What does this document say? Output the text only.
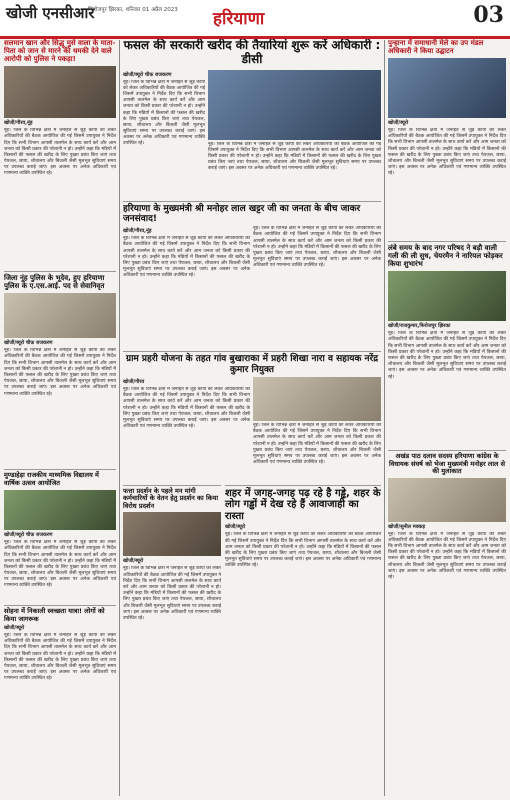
खोजी एनसीआर
फिरोजपुर झिरका, शनिवार 01 अप्रैल 2023 हरियाणा	03
सलमान खान और सिद्धू मुसे वाला के माता-पिता को जान से मारने की धमकी देने वाले आरोपी को पुलिस ने पकड़ा!
खोजी/गौरव,नूंह
नूंह। जिले के विभिन्न क्षेत्रों में जनहित से जुड़े कार्यों को लेकर अधिकारियों की बैठक आयोजित की गई जिसमें उपायुक्त ने निर्देश दिए कि सभी विभाग आपसी तालमेल के साथ कार्य करें और आम जनता को किसी प्रकार की परेशानी न हो। उन्होंने कहा कि मंडियों में किसानों की फसल की खरीद के लिए पुख्ता प्रबंध किए जाएं तथा पेयजल, छाया, शौचालय और बिजली जैसी मूलभूत सुविधाएं समय पर उपलब्ध कराई जाएं। इस अवसर पर अनेक अधिकारी एवं गणमान्य व्यक्ति उपस्थित रहे।
जिला नूंह पुलिस के भूदेव, हुए हरियाणा पुलिस के ए.एस.आई. पद से सेवानिवृत
खोजी/ब्यूरो चीफ़ राजकरण
नूंह। जिले के विभिन्न क्षेत्रों में जनहित से जुड़े कार्यों को लेकर अधिकारियों की बैठक आयोजित की गई जिसमें उपायुक्त ने निर्देश दिए कि सभी विभाग आपसी तालमेल के साथ कार्य करें और आम जनता को किसी प्रकार की परेशानी न हो। उन्होंने कहा कि मंडियों में किसानों की फसल की खरीद के लिए पुख्ता प्रबंध किए जाएं तथा पेयजल, छाया, शौचालय और बिजली जैसी मूलभूत सुविधाएं समय पर उपलब्ध कराई जाएं। इस अवसर पर अनेक अधिकारी एवं गणमान्य व्यक्ति उपस्थित रहे।
मुण्डाहेड़ा राजकीय माध्यमिक विद्यालय में वार्षिक उत्सव आयोजित
खोजी/ब्यूरो चीफ़ राजकरण
नूंह। जिले के विभिन्न क्षेत्रों में जनहित से जुड़े कार्यों को लेकर अधिकारियों की बैठक आयोजित की गई जिसमें उपायुक्त ने निर्देश दिए कि सभी विभाग आपसी तालमेल के साथ कार्य करें और आम जनता को किसी प्रकार की परेशानी न हो। उन्होंने कहा कि मंडियों में किसानों की फसल की खरीद के लिए पुख्ता प्रबंध किए जाएं तथा पेयजल, छाया, शौचालय और बिजली जैसी मूलभूत सुविधाएं समय पर उपलब्ध कराई जाएं। इस अवसर पर अनेक अधिकारी एवं गणमान्य व्यक्ति उपस्थित रहे।
सोहना में निकाली स्वच्छता यात्रा! लोगों को किया जागरूक
खोजी/ब्यूरो
नूंह। जिले के विभिन्न क्षेत्रों में जनहित से जुड़े कार्यों को लेकर अधिकारियों की बैठक आयोजित की गई जिसमें उपायुक्त ने निर्देश दिए कि सभी विभाग आपसी तालमेल के साथ कार्य करें और आम जनता को किसी प्रकार की परेशानी न हो। उन्होंने कहा कि मंडियों में किसानों की फसल की खरीद के लिए पुख्ता प्रबंध किए जाएं तथा पेयजल, छाया, शौचालय और बिजली जैसी मूलभूत सुविधाएं समय पर उपलब्ध कराई जाएं। इस अवसर पर अनेक अधिकारी एवं गणमान्य व्यक्ति उपस्थित रहे।
फसल की सरकारी खरीद की तैयारियां शुरू करें अधिकारी : डीसी
खोजी/ब्यूरो चीफ़ राजकरण
नूंह। जिले के विभिन्न क्षेत्रों में जनहित से जुड़े कार्यों को लेकर अधिकारियों की बैठक आयोजित की गई जिसमें उपायुक्त ने निर्देश दिए कि सभी विभाग आपसी तालमेल के साथ कार्य करें और आम जनता को किसी प्रकार की परेशानी न हो। उन्होंने कहा कि मंडियों में किसानों की फसल की खरीद के लिए पुख्ता प्रबंध किए जाएं तथा पेयजल, छाया, शौचालय और बिजली जैसी मूलभूत सुविधाएं समय पर उपलब्ध कराई जाएं। इस अवसर पर अनेक अधिकारी एवं गणमान्य व्यक्ति उपस्थित रहे।	नूंह। जिले के विभिन्न क्षेत्रों में जनहित से जुड़े कार्यों को लेकर अधिकारियों की बैठक आयोजित की गई जिसमें उपायुक्त ने निर्देश दिए कि सभी विभाग आपसी तालमेल के साथ कार्य करें और आम जनता को किसी प्रकार की परेशानी न हो। उन्होंने कहा कि मंडियों में किसानों की फसल की खरीद के लिए पुख्ता प्रबंध किए जाएं तथा पेयजल, छाया, शौचालय और बिजली जैसी मूलभूत सुविधाएं समय पर उपलब्ध कराई जाएं। इस अवसर पर अनेक अधिकारी एवं गणमान्य व्यक्ति उपस्थित रहे।
हरियाणा के मुख्यमंत्री श्री मनोहर लाल खट्टर जी का जनता के बीच जाकर जनसंवाद!
खोजी/गौरव,नूंह
नूंह। जिले के विभिन्न क्षेत्रों में जनहित से जुड़े कार्यों को लेकर अधिकारियों की बैठक आयोजित की गई जिसमें उपायुक्त ने निर्देश दिए कि सभी विभाग आपसी तालमेल के साथ कार्य करें और आम जनता को किसी प्रकार की परेशानी न हो। उन्होंने कहा कि मंडियों में किसानों की फसल की खरीद के लिए पुख्ता प्रबंध किए जाएं तथा पेयजल, छाया, शौचालय और बिजली जैसी मूलभूत सुविधाएं समय पर उपलब्ध कराई जाएं। इस अवसर पर अनेक अधिकारी एवं गणमान्य व्यक्ति उपस्थित रहे।
नूंह। जिले के विभिन्न क्षेत्रों में जनहित से जुड़े कार्यों को लेकर अधिकारियों की बैठक आयोजित की गई जिसमें उपायुक्त ने निर्देश दिए कि सभी विभाग आपसी तालमेल के साथ कार्य करें और आम जनता को किसी प्रकार की परेशानी न हो। उन्होंने कहा कि मंडियों में किसानों की फसल की खरीद के लिए पुख्ता प्रबंध किए जाएं तथा पेयजल, छाया, शौचालय और बिजली जैसी मूलभूत सुविधाएं समय पर उपलब्ध कराई जाएं। इस अवसर पर अनेक अधिकारी एवं गणमान्य व्यक्ति उपस्थित रहे।
ग्राम प्रहरी योजना के तहत गांव बुखाराका में प्रहरी शिखा नारा व सहायक नरेंद्र कुमार नियुक्त
खोजी/गौरव
नूंह। जिले के विभिन्न क्षेत्रों में जनहित से जुड़े कार्यों को लेकर अधिकारियों की बैठक आयोजित की गई जिसमें उपायुक्त ने निर्देश दिए कि सभी विभाग आपसी तालमेल के साथ कार्य करें और आम जनता को किसी प्रकार की परेशानी न हो। उन्होंने कहा कि मंडियों में किसानों की फसल की खरीद के लिए पुख्ता प्रबंध किए जाएं तथा पेयजल, छाया, शौचालय और बिजली जैसी मूलभूत सुविधाएं समय पर उपलब्ध कराई जाएं। इस अवसर पर अनेक अधिकारी एवं गणमान्य व्यक्ति उपस्थित रहे।	नूंह। जिले के विभिन्न क्षेत्रों में जनहित से जुड़े कार्यों को लेकर अधिकारियों की बैठक आयोजित की गई जिसमें उपायुक्त ने निर्देश दिए कि सभी विभाग आपसी तालमेल के साथ कार्य करें और आम जनता को किसी प्रकार की परेशानी न हो। उन्होंने कहा कि मंडियों में किसानों की फसल की खरीद के लिए पुख्ता प्रबंध किए जाएं तथा पेयजल, छाया, शौचालय और बिजली जैसी मूलभूत सुविधाएं समय पर उपलब्ध कराई जाएं। इस अवसर पर अनेक अधिकारी एवं गणमान्य व्यक्ति उपस्थित रहे।
फत्ता प्रदर्शन के पहले मन मांगी कर्मचारियों के वेतन हेतु प्रदर्शन का किया विरोध प्रदर्शन
खोजी/ब्यूरो
नूंह। जिले के विभिन्न क्षेत्रों में जनहित से जुड़े कार्यों को लेकर अधिकारियों की बैठक आयोजित की गई जिसमें उपायुक्त ने निर्देश दिए कि सभी विभाग आपसी तालमेल के साथ कार्य करें और आम जनता को किसी प्रकार की परेशानी न हो। उन्होंने कहा कि मंडियों में किसानों की फसल की खरीद के लिए पुख्ता प्रबंध किए जाएं तथा पेयजल, छाया, शौचालय और बिजली जैसी मूलभूत सुविधाएं समय पर उपलब्ध कराई जाएं। इस अवसर पर अनेक अधिकारी एवं गणमान्य व्यक्ति उपस्थित रहे।
शहर में जगह-जगह पढ़ रहे है गड्ढे, शहर के लोग गड्ढों में देख रहे हैं आवाजाही का रास्ता
खोजी/ब्यूरो
नूंह। जिले के विभिन्न क्षेत्रों में जनहित से जुड़े कार्यों को लेकर अधिकारियों की बैठक आयोजित की गई जिसमें उपायुक्त ने निर्देश दिए कि सभी विभाग आपसी तालमेल के साथ कार्य करें और आम जनता को किसी प्रकार की परेशानी न हो। उन्होंने कहा कि मंडियों में किसानों की फसल की खरीद के लिए पुख्ता प्रबंध किए जाएं तथा पेयजल, छाया, शौचालय और बिजली जैसी मूलभूत सुविधाएं समय पर उपलब्ध कराई जाएं। इस अवसर पर अनेक अधिकारी एवं गणमान्य व्यक्ति उपस्थित रहे।
पुन्हाना में समाधानी मेले का उप मंडल अधिकारी ने किया उद्घाटन
खोजी/ब्यूरो
नूंह। जिले के विभिन्न क्षेत्रों में जनहित से जुड़े कार्यों को लेकर अधिकारियों की बैठक आयोजित की गई जिसमें उपायुक्त ने निर्देश दिए कि सभी विभाग आपसी तालमेल के साथ कार्य करें और आम जनता को किसी प्रकार की परेशानी न हो। उन्होंने कहा कि मंडियों में किसानों की फसल की खरीद के लिए पुख्ता प्रबंध किए जाएं तथा पेयजल, छाया, शौचालय और बिजली जैसी मूलभूत सुविधाएं समय पर उपलब्ध कराई जाएं। इस अवसर पर अनेक अधिकारी एवं गणमान्य व्यक्ति उपस्थित रहे।
लंबे समय के बाद नगर परिषद ने बड़ौ वाली गली की ली सुध, चेयरमैन ने नारियल फोड़कर किया शुभारंभ
खोजी/राजकुमार,फिरोजपुर झिरका
नूंह। जिले के विभिन्न क्षेत्रों में जनहित से जुड़े कार्यों को लेकर अधिकारियों की बैठक आयोजित की गई जिसमें उपायुक्त ने निर्देश दिए कि सभी विभाग आपसी तालमेल के साथ कार्य करें और आम जनता को किसी प्रकार की परेशानी न हो। उन्होंने कहा कि मंडियों में किसानों की फसल की खरीद के लिए पुख्ता प्रबंध किए जाएं तथा पेयजल, छाया, शौचालय और बिजली जैसी मूलभूत सुविधाएं समय पर उपलब्ध कराई जाएं। इस अवसर पर अनेक अधिकारी एवं गणमान्य व्यक्ति उपस्थित रहे।
अखंड पाठ दलाव सदस्य हरियाणा कांग्रेस के विधायक संघर्ष को भेजा मुख्यमंत्री मनोहर लाल से की मुलाकात
खोजी/सुनील मक्कड़
नूंह। जिले के विभिन्न क्षेत्रों में जनहित से जुड़े कार्यों को लेकर अधिकारियों की बैठक आयोजित की गई जिसमें उपायुक्त ने निर्देश दिए कि सभी विभाग आपसी तालमेल के साथ कार्य करें और आम जनता को किसी प्रकार की परेशानी न हो। उन्होंने कहा कि मंडियों में किसानों की फसल की खरीद के लिए पुख्ता प्रबंध किए जाएं तथा पेयजल, छाया, शौचालय और बिजली जैसी मूलभूत सुविधाएं समय पर उपलब्ध कराई जाएं। इस अवसर पर अनेक अधिकारी एवं गणमान्य व्यक्ति उपस्थित रहे।
